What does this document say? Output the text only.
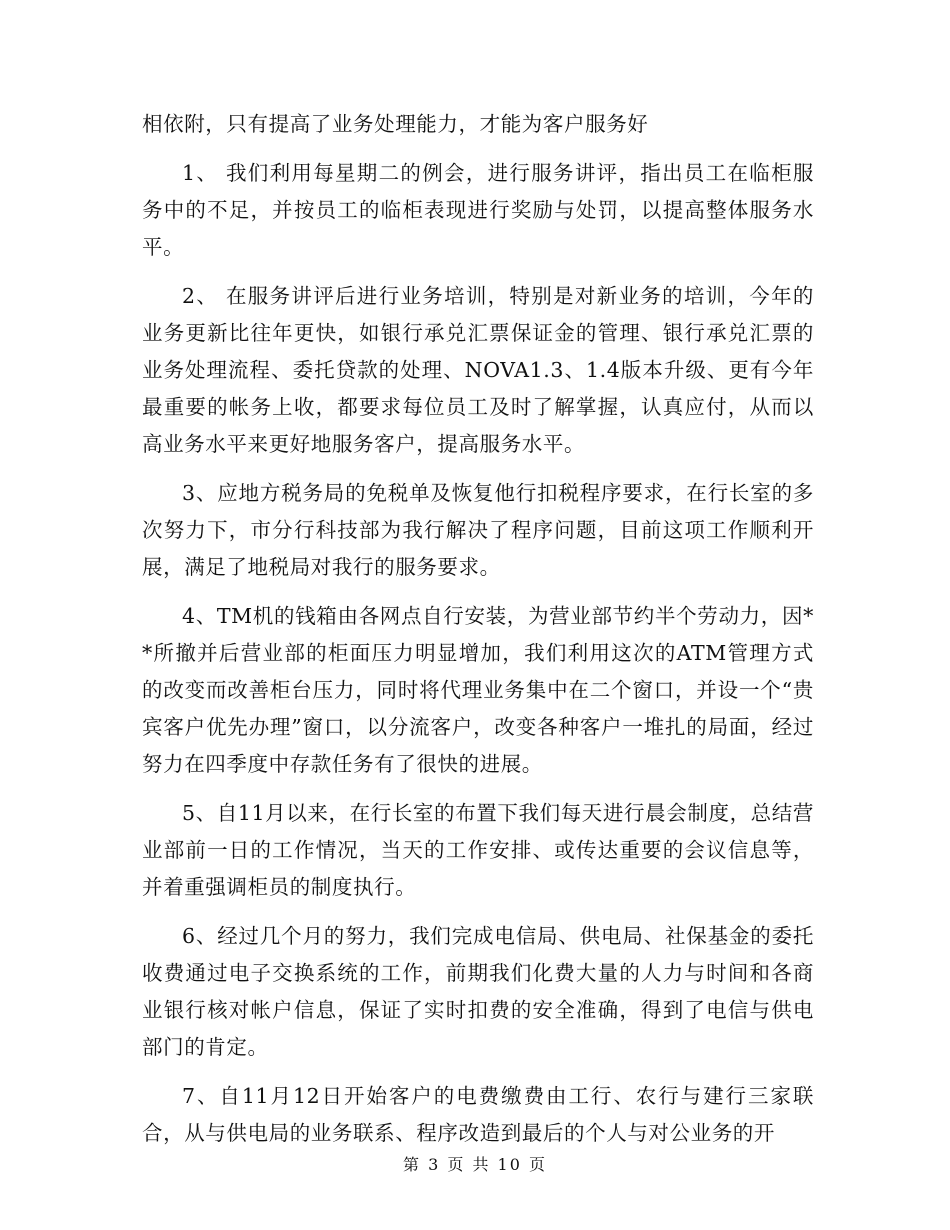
相依附，只有提高了业务处理能力，才能为客户服务好

1、 我们利用每星期二的例会，进行服务讲评，指出员工在临柜服务中的不足，并按员工的临柜表现进行奖励与处罚，以提高整体服务水平。

2、 在服务讲评后进行业务培训，特别是对新业务的培训，今年的业务更新比往年更快，如银行承兑汇票保证金的管理、银行承兑汇票的业务处理流程、委托贷款的处理、NOVA1.3、1.4版本升级、更有今年最重要的帐务上收，都要求每位员工及时了解掌握，认真应付，从而以高业务水平来更好地服务客户，提高服务水平。

3、应地方税务局的免税单及恢复他行扣税程序要求，在行长室的多次努力下，市分行科技部为我行解决了程序问题，目前这项工作顺利开展，满足了地税局对我行的服务要求。

4、TM机的钱箱由各网点自行安装，为营业部节约半个劳动力，因**所撤并后营业部的柜面压力明显增加，我们利用这次的ATM管理方式的改变而改善柜台压力，同时将代理业务集中在二个窗口，并设一个“贵宾客户优先办理”窗口，以分流客户，改变各种客户一堆扎的局面，经过努力在四季度中存款任务有了很快的进展。

5、自11月以来，在行长室的布置下我们每天进行晨会制度，总结营业部前一日的工作情况，当天的工作安排、或传达重要的会议信息等，并着重强调柜员的制度执行。

6、经过几个月的努力，我们完成电信局、供电局、社保基金的委托收费通过电子交换系统的工作，前期我们化费大量的人力与时间和各商业银行核对帐户信息，保证了实时扣费的安全准确，得到了电信与供电部门的肯定。

7、自11月12日开始客户的电费缴费由工行、农行与建行三家联合，从与供电局的业务联系、程序改造到最后的个人与对公业务的开

第 3 页 共 10 页
